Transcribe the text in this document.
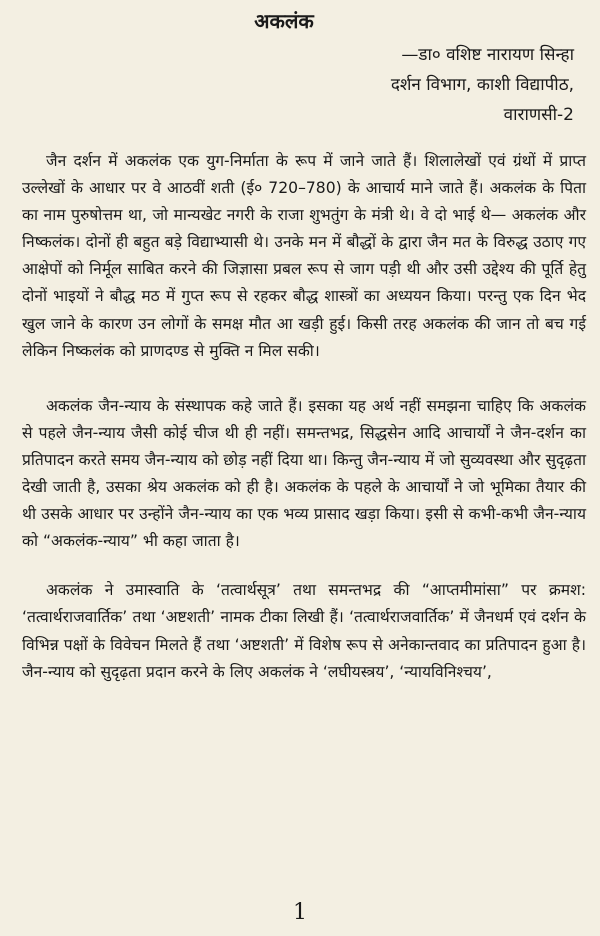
अकलंक
—डा० वशिष्ट नारायण सिन्हा
दर्शन विभाग, काशी विद्यापीठ,
वाराणसी-2

जैन दर्शन में अकलंक एक युग-निर्माता के रूप में जाने जाते हैं। शिलालेखों एवं ग्रंथों में प्राप्त उल्लेखों के आधार पर वे आठवीं शती (ई० 720–780) के आचार्य माने जाते हैं। अकलंक के पिता का नाम पुरुषोत्तम था, जो मान्यखेट नगरी के राजा शुभतुंग के मंत्री थे। वे दो भाई थे— अकलंक और निष्कलंक। दोनों ही बहुत बड़े विद्याभ्यासी थे। उनके मन में बौद्धों के द्वारा जैन मत के विरुद्ध उठाए गए आक्षेपों को निर्मूल साबित करने की जिज्ञासा प्रबल रूप से जाग पड़ी थी और उसी उद्देश्य की पूर्ति हेतु दोनों भाइयों ने बौद्ध मठ में गुप्त रूप से रहकर बौद्ध शास्त्रों का अध्ययन किया। परन्तु एक दिन भेद खुल जाने के कारण उन लोगों के समक्ष मौत आ खड़ी हुई। किसी तरह अकलंक की जान तो बच गई लेकिन निष्कलंक को प्राणदण्ड से मुक्ति न मिल सकी।

अकलंक जैन-न्याय के संस्थापक कहे जाते हैं। इसका यह अर्थ नहीं समझना चाहिए कि अकलंक से पहले जैन-न्याय जैसी कोई चीज थी ही नहीं। समन्तभद्र, सिद्धसेन आदि आचार्यों ने जैन-दर्शन का प्रतिपादन करते समय जैन-न्याय को छोड़ नहीं दिया था। किन्तु जैन-न्याय में जो सुव्यवस्था और सुदृढ़ता देखी जाती है, उसका श्रेय अकलंक को ही है। अकलंक के पहले के आचार्यों ने जो भूमिका तैयार की थी उसके आधार पर उन्होंने जैन-न्याय का एक भव्य प्रासाद खड़ा किया। इसी से कभी-कभी जैन-न्याय को “अकलंक-न्याय” भी कहा जाता है।

अकलंक ने उमास्वाति के ‘तत्वार्थसूत्र’ तथा समन्तभद्र की “आप्तमीमांसा” पर क्रमश: ‘तत्वार्थराजवार्तिक’ तथा ‘अष्टशती’ नामक टीका लिखी हैं। ‘तत्वार्थराजवार्तिक’ में जैनधर्म एवं दर्शन के विभिन्न पक्षों के विवेचन मिलते हैं तथा ‘अष्टशती’ में विशेष रूप से अनेकान्तवाद का प्रतिपादन हुआ है। जैन-न्याय को सुदृढ़ता प्रदान करने के लिए अकलंक ने ‘लघीयस्त्रय’, ‘न्यायविनिश्चय’,

1
